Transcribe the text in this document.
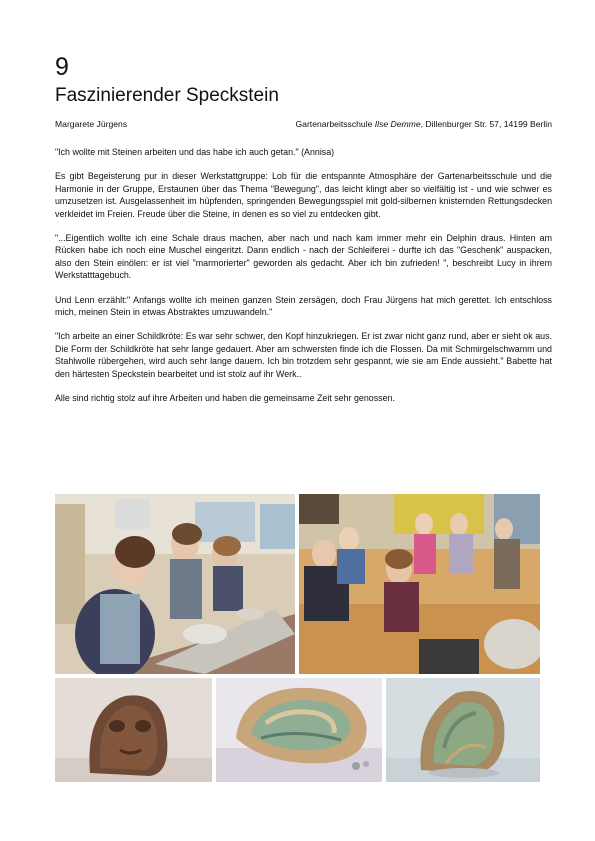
9
Faszinierender Speckstein
Margarete Jürgens	Gartenarbeitsschule Ilse Demme, Dillenburger Str. 57, 14199 Berlin

"Ich wollte mit Steinen arbeiten und das habe ich auch getan." (Annisa)

Es gibt Begeisterung pur in dieser Werkstattgruppe: Lob für die entspannte Atmosphäre der Gartenarbeitsschule und die Harmonie in der Gruppe, Erstaunen über das Thema "Bewegung", das leicht klingt aber so vielfältig ist - und wie schwer es umzusetzen ist. Ausgelassenheit im hüpfenden, springenden Bewegungsspiel mit gold-silbernen knisternden Rettungsdecken verkleidet im Freien. Freude über die Steine, in denen es so viel zu entdecken gibt.

"...Eigentlich wollte ich eine Schale draus machen, aber nach und nach kam immer mehr ein Delphin draus. Hinten am Rücken habe ich noch eine Muschel eingeritzt. Dann endlich - nach der Schleiferei - durfte ich das "Geschenk" auspacken, also den Stein einölen: er ist viel "marmorierter" geworden als gedacht. Aber ich bin zufrieden! ", beschreibt Lucy in ihrem Werkstatttagebuch.

Und Lenn erzählt:" Anfangs wollte ich meinen ganzen Stein zersägen, doch Frau Jürgens hat mich gerettet. Ich entschloss mich, meinen Stein in etwas Abstraktes umzuwandeln."

"Ich arbeite an einer Schildkröte: Es war sehr schwer, den Kopf hinzukriegen. Er ist zwar nicht ganz rund, aber er sieht ok aus. Die Form der Schildkröte hat sehr lange gedauert. Aber am schwersten finde ich die Flossen. Da mit Schmirgelschwamm und Stahlwolle rübergehen, wird auch sehr lange dauern. Ich bin trotzdem sehr gespannt, wie sie am Ende aussieht." Babette hat den härtesten Speckstein bearbeitet und ist stolz auf ihr Werk..

Alle sind richtig stolz auf ihre Arbeiten und haben die gemeinsame Zeit sehr genossen.
